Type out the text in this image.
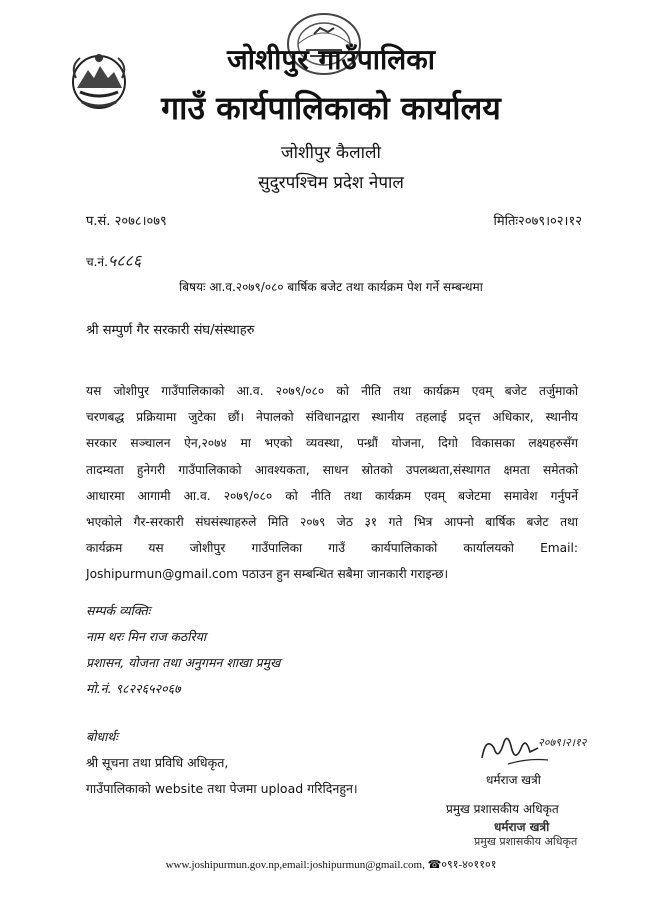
जोशीपुर गाउँपालिका
गाउँ कार्यपालिकाको कार्यालय
जोशीपुर कैलाली
सुदुरपश्चिम प्रदेश नेपाल
प.सं. २०७८।०७९	मितिः२०७९।०२।१२
च.नं.५८८६
बिषयः आ.व.२०७९/०८० बार्षिक बजेट तथा कार्यक्रम पेश गर्ने सम्बन्धमा
श्री सम्पुर्ण गैर सरकारी संघ/संस्थाहरु
यस जोशीपुर गाउँपालिकाको आ.व. २०७९/०८० को नीति तथा कार्यक्रम एवम् बजेट तर्जुमाको
चरणबद्ध प्रक्रियामा जुटेका छौं। नेपालको संविधानद्वारा स्थानीय तहलाई प्रद्त्त अधिकार, स्थानीय
सरकार सञ्चालन ऐन,२०७४ मा भएको व्यवस्था, पन्ध्रौं योजना, दिगो विकासका लक्ष्यहरुसँग
तादम्यता हुनेगरी गाउँपालिकाको आवश्यकता, साधन स्रोतको उपलब्धता,संस्थागत क्षमता समेतको
आधारमा आगामी आ.व. २०७९/०८० को नीति तथा कार्यक्रम एवम् बजेटमा समावेश गर्नुपर्ने
भएकोले गैर-सरकारी संघसंस्थाहरुले मिति २०७९ जेठ ३१ गते भित्र आफ्नो बार्षिक बजेट तथा
कार्यक्रम यस जोशीपुर गाउँपालिका गाउँ कार्यपालिकाको कार्यालयको Email:
Joshipurmun@gmail.com पठाउन हुन सम्बन्धित सबैमा जानकारी गराइन्छ।
सम्पर्क व्यक्तिः
नाम थरः मिन राज कठरिया
प्रशासन, योजना तथा अनुगमन शाखा प्रमुख
मो.नं. ९८२२६५२०६७
बोधार्थः
श्री सूचना तथा प्रविधि अधिकृत,
गाउँपालिकाको website तथा पेजमा upload गरिदिनहुन।
२०७९।२।१२
धर्मराज खत्री
प्रमुख प्रशासकीय अधिकृत
धर्मराज खत्री
प्रमुख प्रशासकीय अधिकृत
www.joshipurmun.gov.np,email:joshipurmun@gmail.com, ☎०९१-४०११०१
